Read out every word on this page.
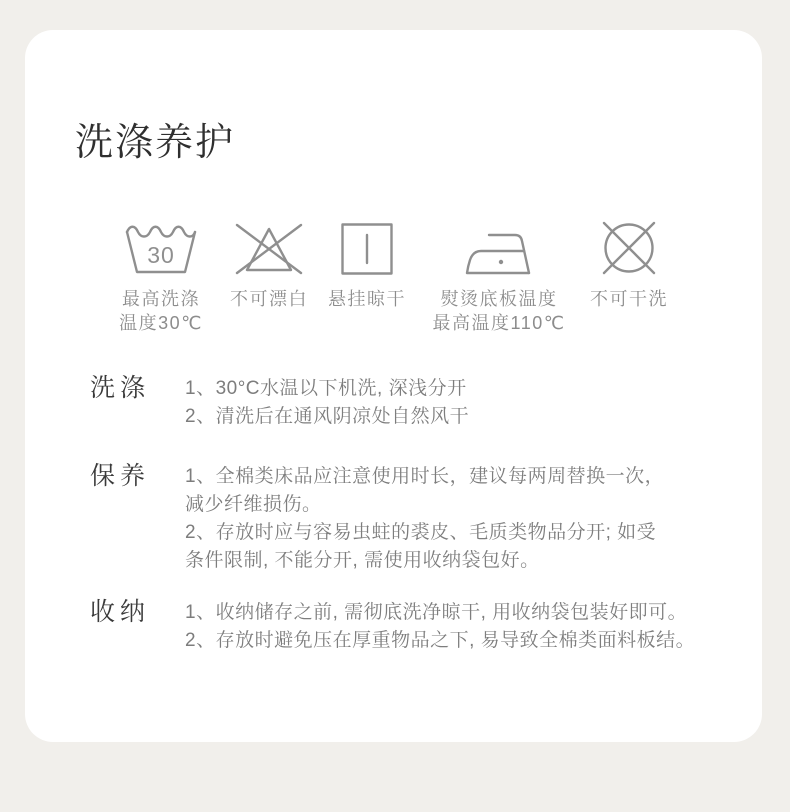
洗涤养护
30
最高洗涤
温度30℃
不可漂白 悬挂晾干	熨烫底板温度
最高温度110℃
不可干洗
洗涤	1、30°C水温以下机洗, 深浅分开
2、清洗后在通风阴凉处自然风干
保养	1、全棉类床品应注意使用时长，建议每两周替换一次，
减少纤维损伤。
2、存放时应与容易虫蛀的裘皮、毛质类物品分开; 如受
条件限制, 不能分开, 需使用收纳袋包好。
收纳	1、收纳储存之前, 需彻底洗净晾干, 用收纳袋包装好即可。
2、存放时避免压在厚重物品之下, 易导致全棉类面料板结。
